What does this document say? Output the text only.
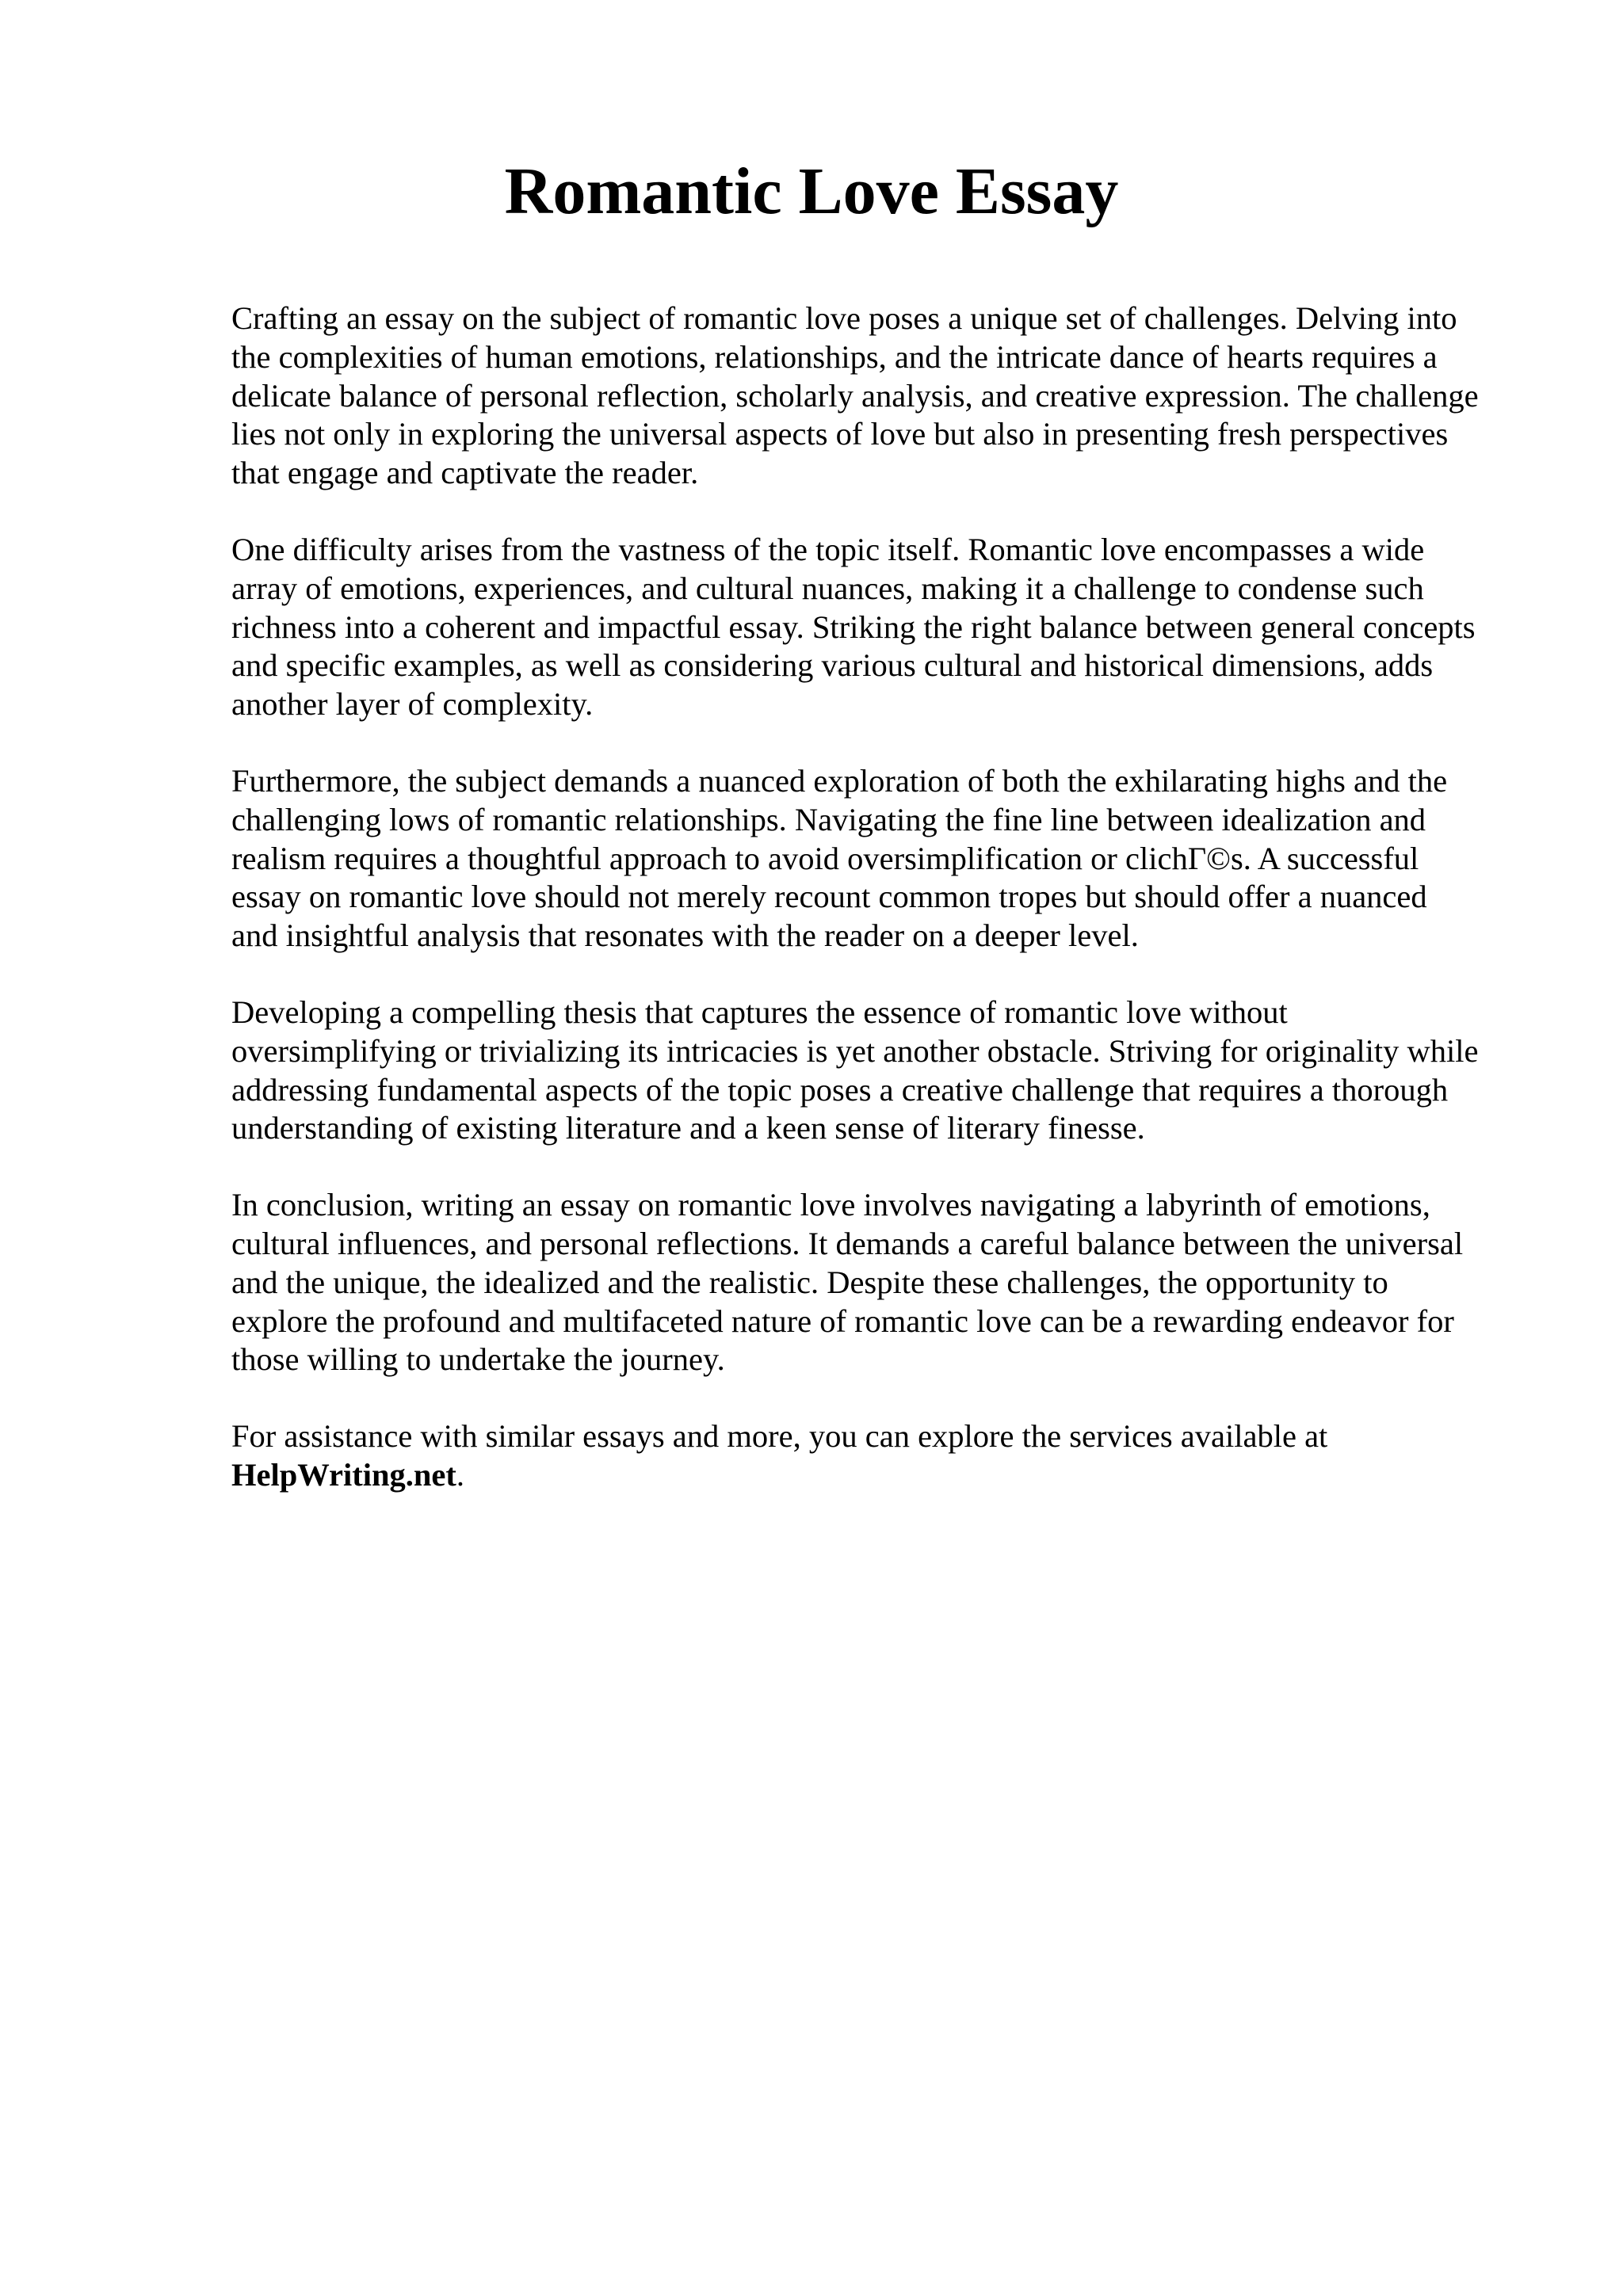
Romantic Love Essay

Crafting an essay on the subject of romantic love poses a unique set of challenges. Delving into
the complexities of human emotions, relationships, and the intricate dance of hearts requires a
delicate balance of personal reflection, scholarly analysis, and creative expression. The challenge
lies not only in exploring the universal aspects of love but also in presenting fresh perspectives
that engage and captivate the reader.

One difficulty arises from the vastness of the topic itself. Romantic love encompasses a wide
array of emotions, experiences, and cultural nuances, making it a challenge to condense such
richness into a coherent and impactful essay. Striking the right balance between general concepts
and specific examples, as well as considering various cultural and historical dimensions, adds
another layer of complexity.

Furthermore, the subject demands a nuanced exploration of both the exhilarating highs and the
challenging lows of romantic relationships. Navigating the fine line between idealization and
realism requires a thoughtful approach to avoid oversimplification or clichΓ©s. A successful
essay on romantic love should not merely recount common tropes but should offer a nuanced
and insightful analysis that resonates with the reader on a deeper level.

Developing a compelling thesis that captures the essence of romantic love without
oversimplifying or trivializing its intricacies is yet another obstacle. Striving for originality while
addressing fundamental aspects of the topic poses a creative challenge that requires a thorough
understanding of existing literature and a keen sense of literary finesse.

In conclusion, writing an essay on romantic love involves navigating a labyrinth of emotions,
cultural influences, and personal reflections. It demands a careful balance between the universal
and the unique, the idealized and the realistic. Despite these challenges, the opportunity to
explore the profound and multifaceted nature of romantic love can be a rewarding endeavor for
those willing to undertake the journey.

For assistance with similar essays and more, you can explore the services available at
HelpWriting.net.
